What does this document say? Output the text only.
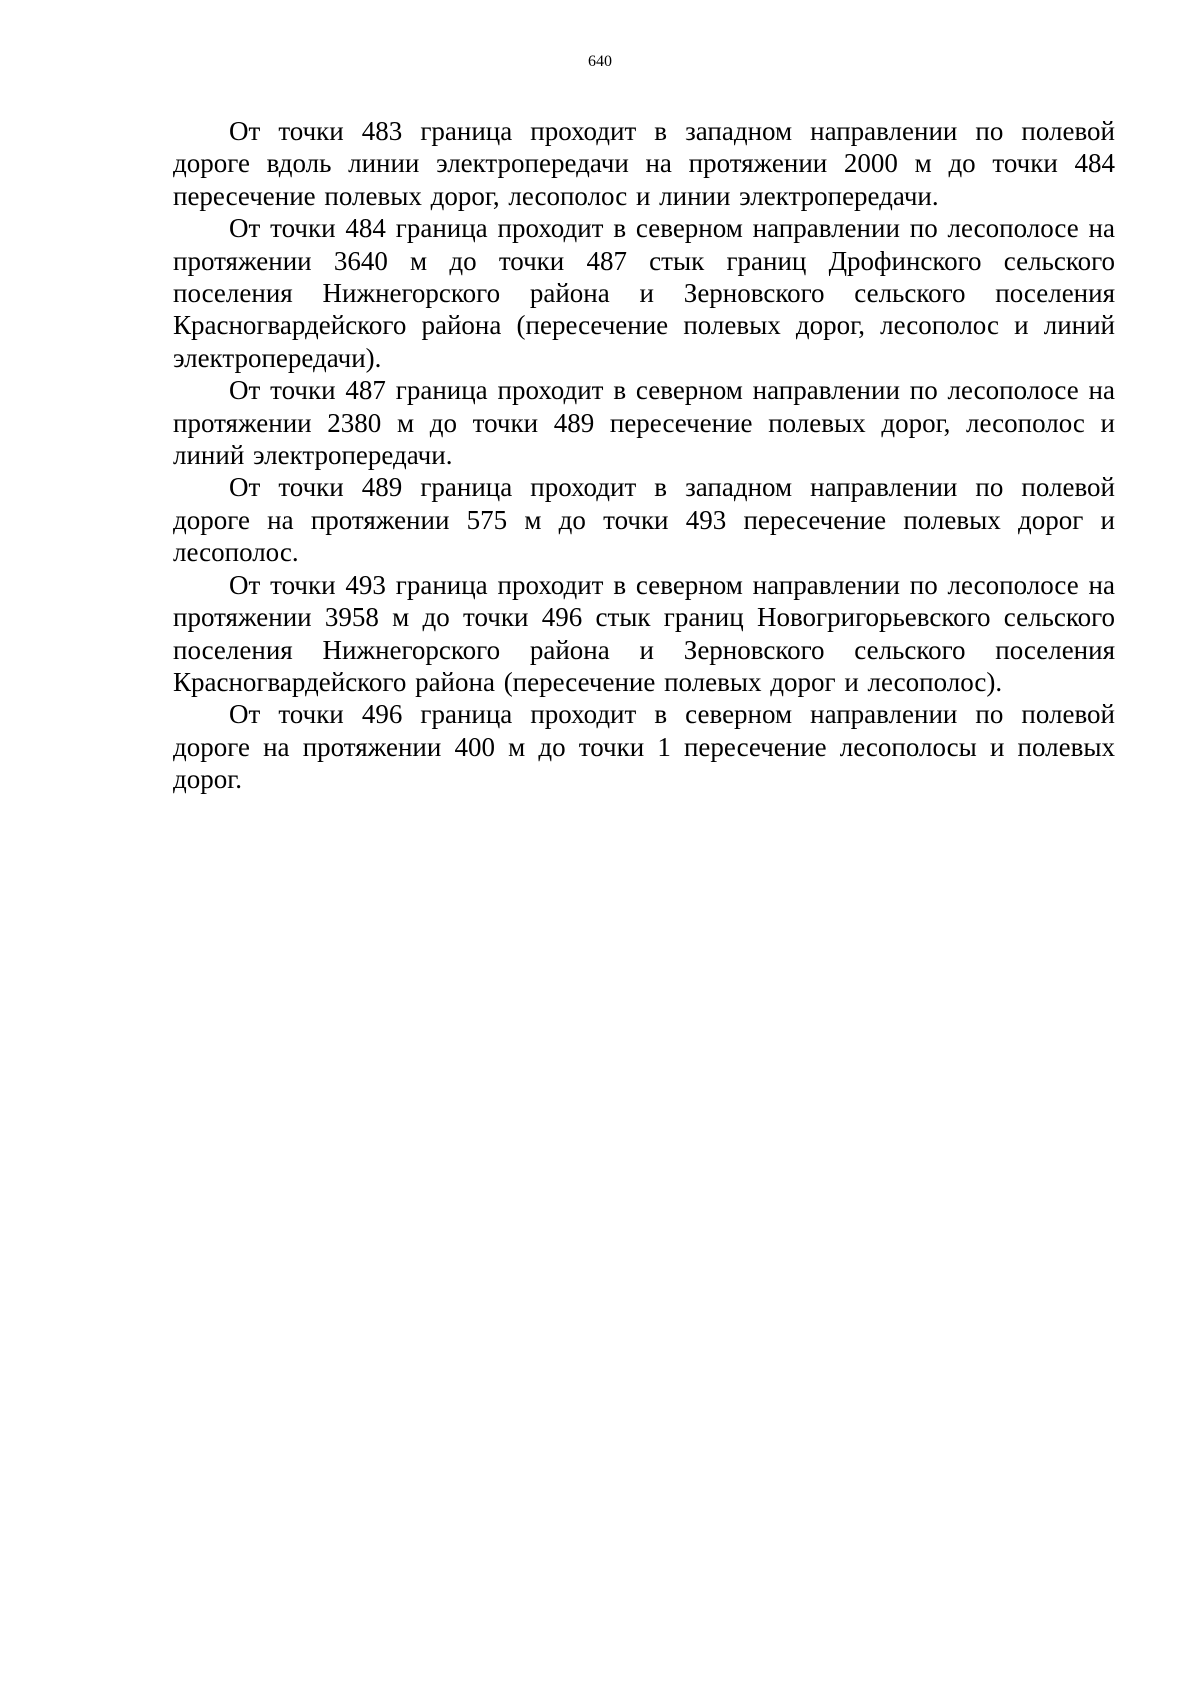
640

От точки 483 граница проходит в западном направлении по полевой дороге вдоль линии электропередачи на протяжении 2000 м до точки 484 пересечение полевых дорог, лесополос и линии электропередачи.

От точки 484 граница проходит в северном направлении по лесополосе на протяжении 3640 м до точки 487 стык границ Дрофинского сельского поселения Нижнегорского района и Зерновского сельского поселения Красногвардейского района (пересечение полевых дорог, лесополос и линий электропередачи).

От точки 487 граница проходит в северном направлении по лесополосе на протяжении 2380 м до точки 489 пересечение полевых дорог, лесополос и линий электропередачи.

От точки 489 граница проходит в западном направлении по полевой дороге на протяжении 575 м до точки 493 пересечение полевых дорог и лесополос.

От точки 493 граница проходит в северном направлении по лесополосе на протяжении 3958 м до точки 496 стык границ Новогригорьевского сельского поселения Нижнегорского района и Зерновского сельского поселения Красногвардейского района (пересечение полевых дорог и лесополос).

От точки 496 граница проходит в северном направлении по полевой дороге на протяжении 400 м до точки 1 пересечение лесополосы и полевых дорог.
